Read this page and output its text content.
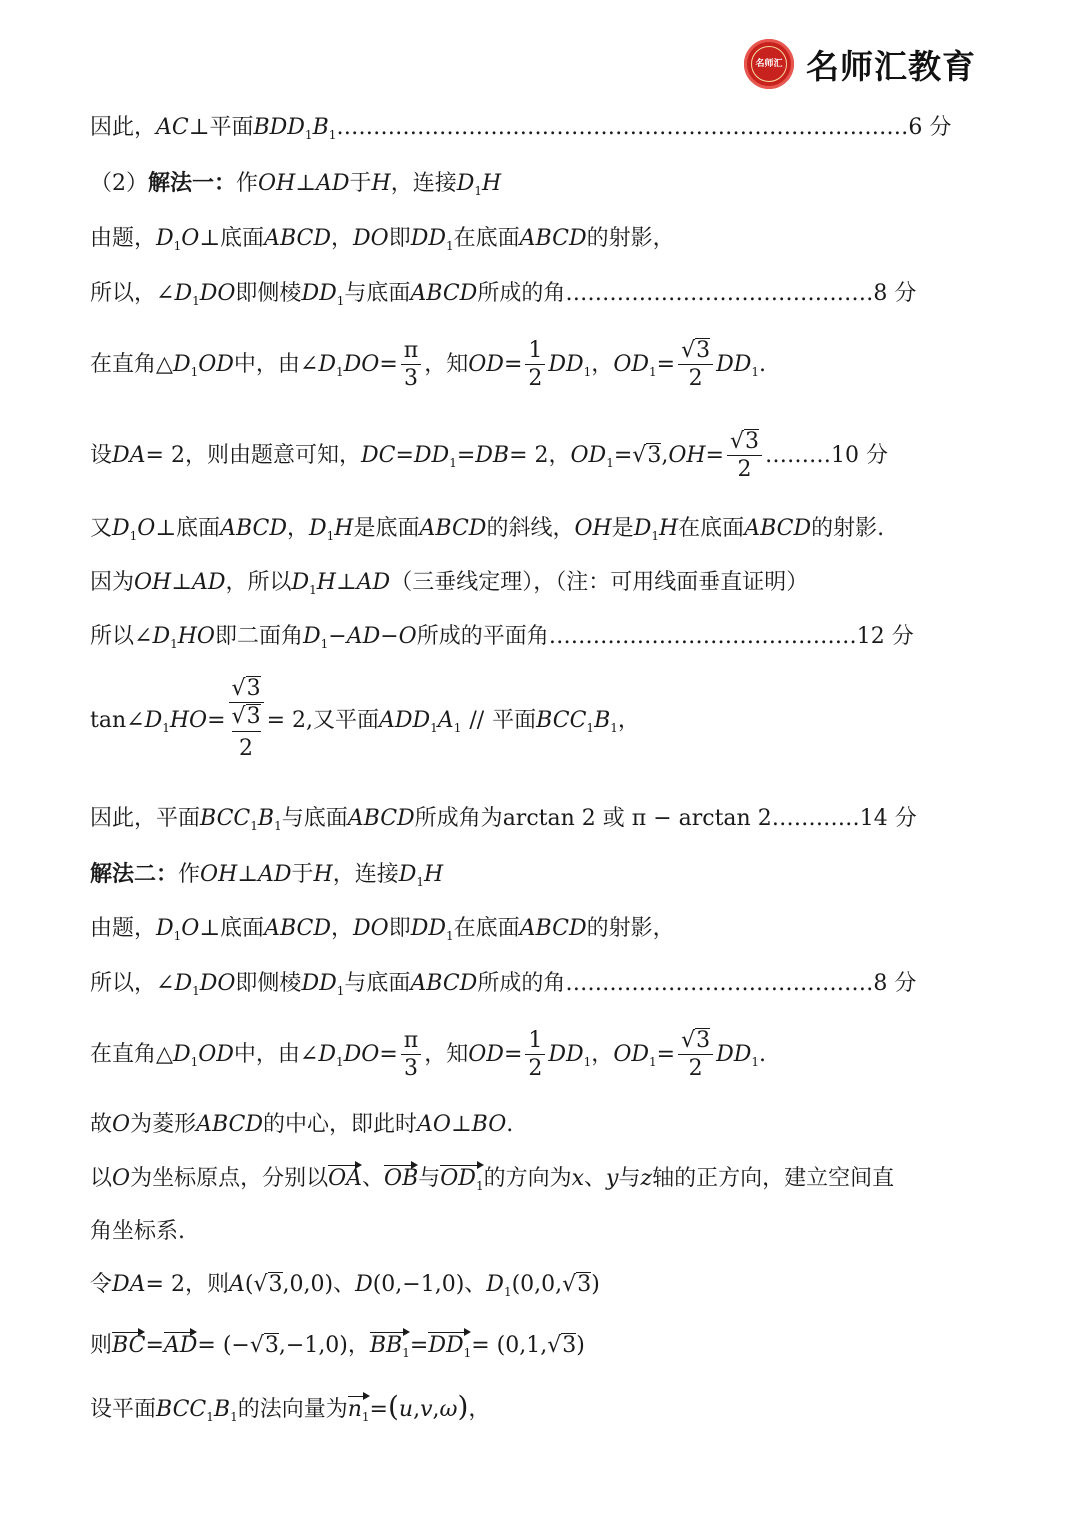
名师汇 名师汇教育
因此，AC⊥平面$BDD_1B_1\dots\dots\dots\dots\dots\dots\dots\dots\dots\dots\dots\dots\dots\dots\dots\dots\dots\dots\dots\dots\dots\dots\dots\dots\dots\dots 6$ 分
（2）解法一：作OH⊥AD于H，连接$D_1H$
由题，$D_1O\perp$底面ABCD，DO即$DD_1$在底面ABCD的射影，
所以，$\angle D_1DO$即侧棱$DD_1$与底面ABCD所成的角……………………………………8 分
在直角$\triangle D_1OD$中，由$\angle D_1DO= \frac{\pi}{3}$ ，知$OD= \frac{1}{2} DD_1$，$OD_1= \frac{√3}{2} DD_1$.
设DA= 2，则由题意可知，$DC=DD_1=DB= 2$，$OD_1=√3,OH= \frac{√3}{2}$ ………10 分
又$D_1O\perp$底面ABCD，$D_1H$是底面ABCD的斜线，OH是$D_1H$在底面ABCD的射影.
因为OH⊥AD，所以$D_1H\perp AD$（三垂线定理），（注：可用线面垂直证明）
所以$\angle D_1HO$即二面角$D_1-AD-O$所成的平面角……………………………………12 分
$\tan\angle D_1HO= \frac{√3}{\frac{√3}{2}} = 2$,又平面$ADD_1A_1$ // 平面$BCC_1B_1$，
因此，平面$BCC_1B_1$与底面ABCD所成角为arctan 2 或 π − arctan 2…………14 分
解法二：作OH⊥AD于H，连接$D_1H$
由题，$D_1O\perp$底面ABCD，DO即$DD_1$在底面ABCD的射影，
所以，$\angle D_1DO$即侧棱$DD_1$与底面ABCD所成的角……………………………………8 分
在直角$\triangle D_1OD$中，由$\angle D_1DO= \frac{\pi}{3}$ ，知$OD= \frac{1}{2} DD_1$，$OD_1= \frac{√3}{2} DD_1$.
故O为菱形ABCD的中心，即此时AO⊥BO.
以O为坐标原点，分别以OA、OB与$OD_1$的方向为x、y与z轴的正方向，建立空间直
角坐标系.
令DA= 2，则A(√3,0,0)、D(0,−1,0)、$D_1(0,0,√3)$
则BC=AD= (−√3,−1,0)，$BB_1=DD_1= (0,1,√3)$
设平面$BCC_1B_1$的法向量为$n_1=(u,v,\omega)$，
